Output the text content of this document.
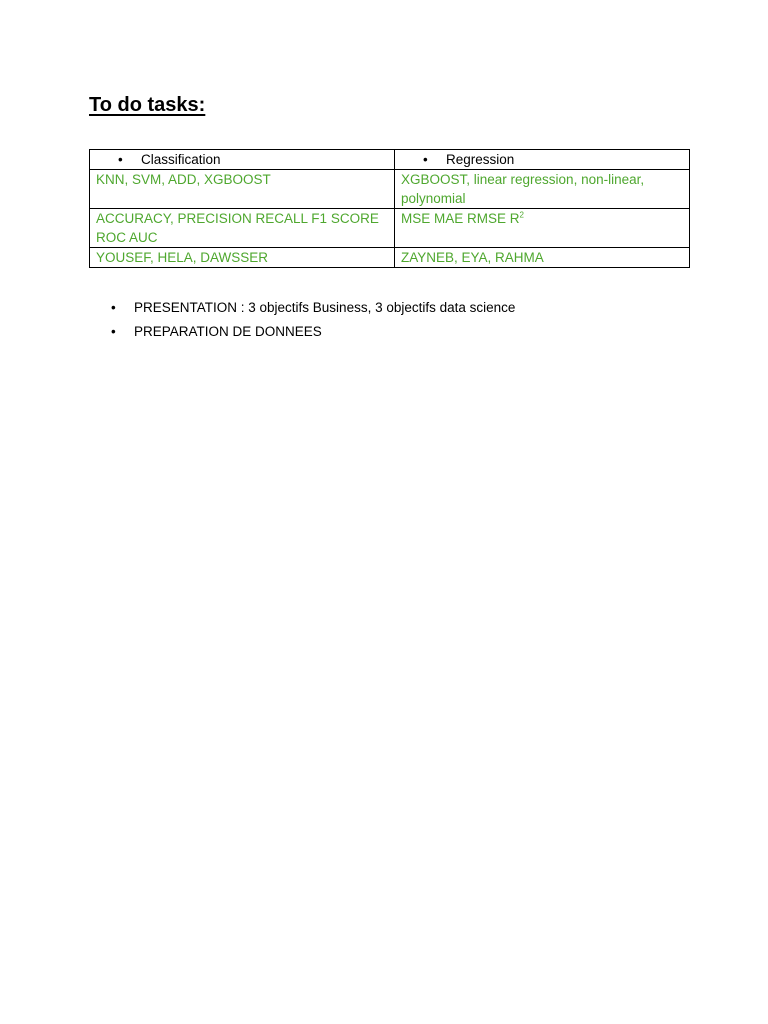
To do tasks:
• Classification	• Regression
KNN, SVM, ADD, XGBOOST	XGBOOST, linear regression, non-linear, polynomial
ACCURACY, PRECISION RECALL F1 SCORE ROC AUC	MSE MAE RMSE $R^2$
YOUSEF, HELA, DAWSSER	ZAYNEB, EYA, RAHMA
• PRESENTATION : 3 objectifs Business, 3 objectifs data science
• PREPARATION DE DONNEES
